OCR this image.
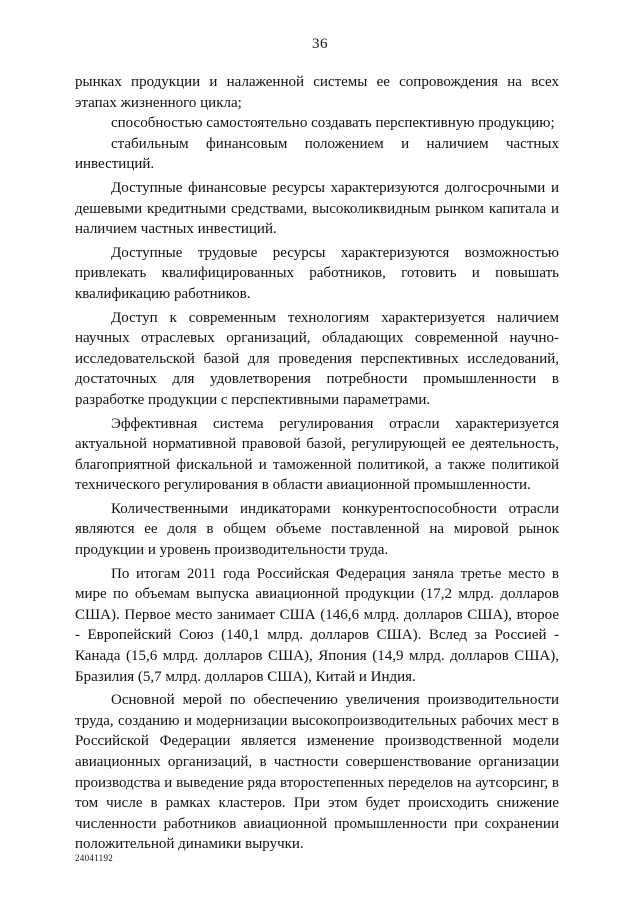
36

рынках продукции и налаженной системы ее сопровождения на всех этапах жизненного цикла;

способностью самостоятельно создавать перспективную продукцию;

стабильным финансовым положением и наличием частных инвестиций.

Доступные финансовые ресурсы характеризуются долгосрочными и дешевыми кредитными средствами, высоколиквидным рынком капитала и наличием частных инвестиций.

Доступные трудовые ресурсы характеризуются возможностью привлекать квалифицированных работников, готовить и повышать квалификацию работников.

Доступ к современным технологиям характеризуется наличием научных отраслевых организаций, обладающих современной научно-исследовательской базой для проведения перспективных исследований, достаточных для удовлетворения потребности промышленности в разработке продукции с перспективными параметрами.

Эффективная система регулирования отрасли характеризуется актуальной нормативной правовой базой, регулирующей ее деятельность, благоприятной фискальной и таможенной политикой, а также политикой технического регулирования в области авиационной промышленности.

Количественными индикаторами конкурентоспособности отрасли являются ее доля в общем объеме поставленной на мировой рынок продукции и уровень производительности труда.

По итогам 2011 года Российская Федерация заняла третье место в мире по объемам выпуска авиационной продукции (17,2 млрд. долларов США). Первое место занимает США (146,6 млрд. долларов США), второе - Европейский Союз (140,1 млрд. долларов США). Вслед за Россией - Канада (15,6 млрд. долларов США), Япония (14,9 млрд. долларов США), Бразилия (5,7 млрд. долларов США), Китай и Индия.

Основной мерой по обеспечению увеличения производительности труда, созданию и модернизации высокопроизводительных рабочих мест в Российской Федерации является изменение производственной модели авиационных организаций, в частности совершенствование организации производства и выведение ряда второстепенных переделов на аутсорсинг, в том числе в рамках кластеров. При этом будет происходить снижение численности работников авиационной промышленности при сохранении положительной динамики выручки.

24041192
